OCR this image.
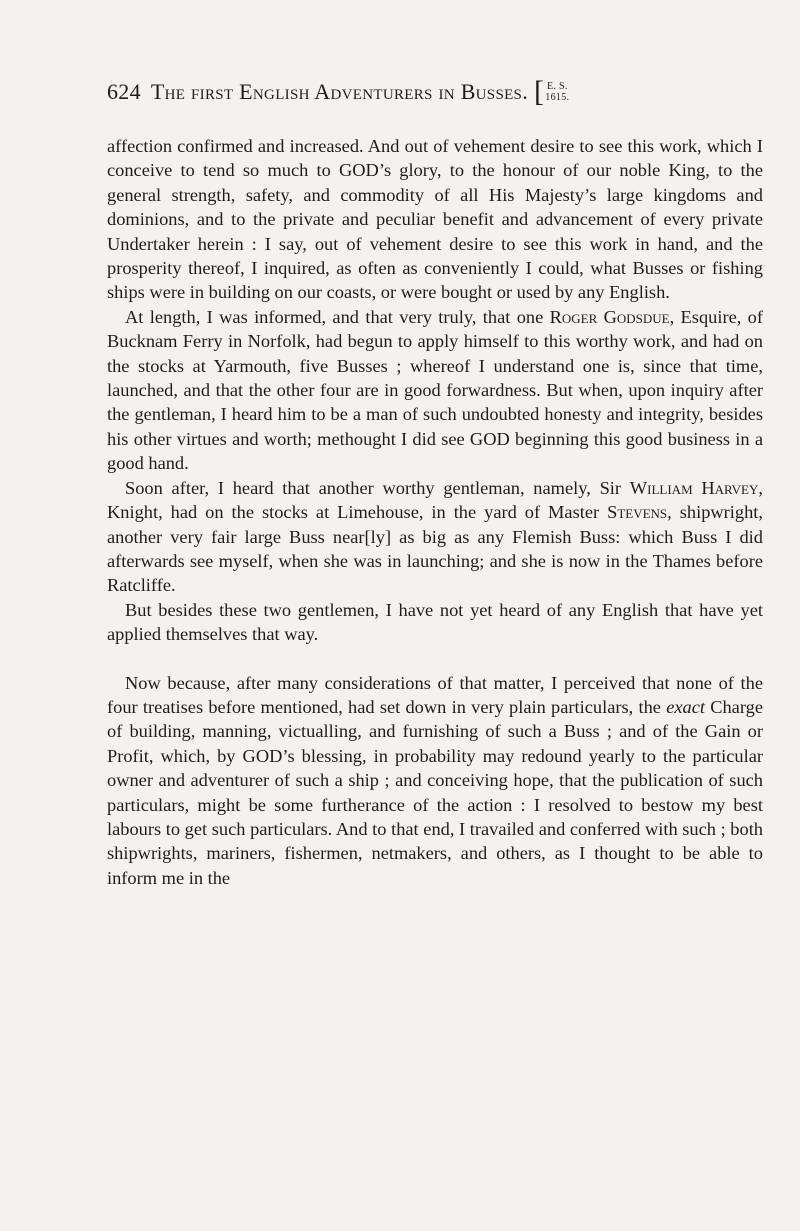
624 The first English Adventurers in Busses. [ E. S.
1615.

affection confirmed and increased. And out of vehement desire to see this work, which I conceive to tend so much to GOD’s glory, to the honour of our noble King, to the general strength, safety, and commodity of all His Majesty’s large kingdoms and dominions, and to the private and peculiar benefit and advancement of every private Undertaker herein : I say, out of vehement desire to see this work in hand, and the prosperity thereof, I inquired, as often as conveniently I could, what Busses or fishing ships were in building on our coasts, or were bought or used by any English.

At length, I was informed, and that very truly, that one Roger Godsdue, Esquire, of Bucknam Ferry in Norfolk, had begun to apply himself to this worthy work, and had on the stocks at Yarmouth, five Busses ; whereof I understand one is, since that time, launched, and that the other four are in good forwardness. But when, upon inquiry after the gentleman, I heard him to be a man of such undoubted honesty and integrity, besides his other virtues and worth; methought I did see GOD beginning this good business in a good hand.

Soon after, I heard that another worthy gentleman, namely, Sir William Harvey, Knight, had on the stocks at Limehouse, in the yard of Master Stevens, shipwright, another very fair large Buss near[ly] as big as any Flemish Buss: which Buss I did afterwards see myself, when she was in launching; and she is now in the Thames before Ratcliffe.

But besides these two gentlemen, I have not yet heard of any English that have yet applied themselves that way.

Now because, after many considerations of that matter, I perceived that none of the four treatises before mentioned, had set down in very plain particulars, the exact Charge of building, manning, victualling, and furnishing of such a Buss ; and of the Gain or Profit, which, by GOD’s blessing, in probability may redound yearly to the particular owner and adventurer of such a ship ; and conceiving hope, that the publication of such particulars, might be some furtherance of the action : I resolved to bestow my best labours to get such particulars. And to that end, I travailed and conferred with such ; both shipwrights, mariners, fishermen, netmakers, and others, as I thought to be able to inform me in the
